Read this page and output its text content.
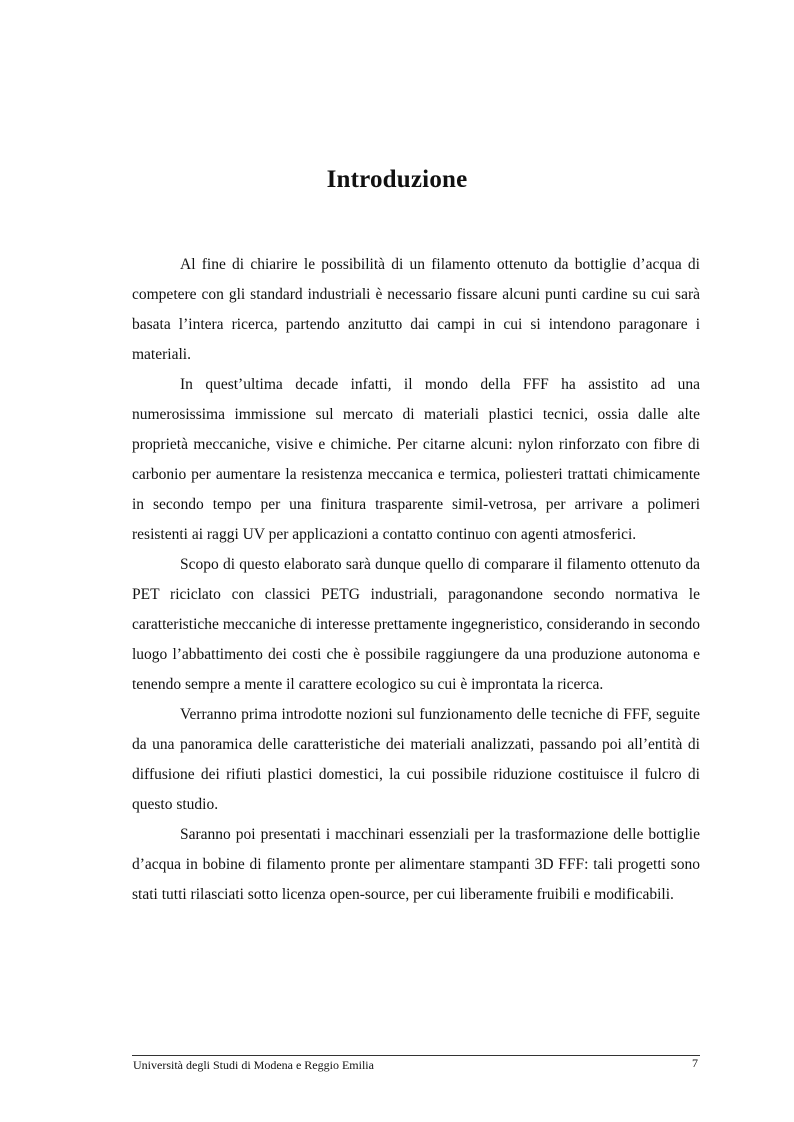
Introduzione

Al fine di chiarire le possibilità di un filamento ottenuto da bottiglie d’acqua di competere con gli standard industriali è necessario fissare alcuni punti cardine su cui sarà basata l’intera ricerca, partendo anzitutto dai campi in cui si intendono paragonare i materiali.

In quest’ultima decade infatti, il mondo della FFF ha assistito ad una numerosissima immissione sul mercato di materiali plastici tecnici, ossia dalle alte proprietà meccaniche, visive e chimiche. Per citarne alcuni: nylon rinforzato con fibre di carbonio per aumentare la resistenza meccanica e termica, poliesteri trattati chimicamente in secondo tempo per una finitura trasparente simil-vetrosa, per arrivare a polimeri resistenti ai raggi UV per applicazioni a contatto continuo con agenti atmosferici.

Scopo di questo elaborato sarà dunque quello di comparare il filamento ottenuto da PET riciclato con classici PETG industriali, paragonandone secondo normativa le caratteristiche meccaniche di interesse prettamente ingegneristico, considerando in secondo luogo l’abbattimento dei costi che è possibile raggiungere da una produzione autonoma e tenendo sempre a mente il carattere ecologico su cui è improntata la ricerca.

Verranno prima introdotte nozioni sul funzionamento delle tecniche di FFF, seguite da una panoramica delle caratteristiche dei materiali analizzati, passando poi all’entità di diffusione dei rifiuti plastici domestici, la cui possibile riduzione costituisce il fulcro di questo studio.

Saranno poi presentati i macchinari essenziali per la trasformazione delle bottiglie d’acqua in bobine di filamento pronte per alimentare stampanti 3D FFF: tali progetti sono stati tutti rilasciati sotto licenza open-source, per cui liberamente fruibili e modificabili.

Università degli Studi di Modena e Reggio Emilia	7
